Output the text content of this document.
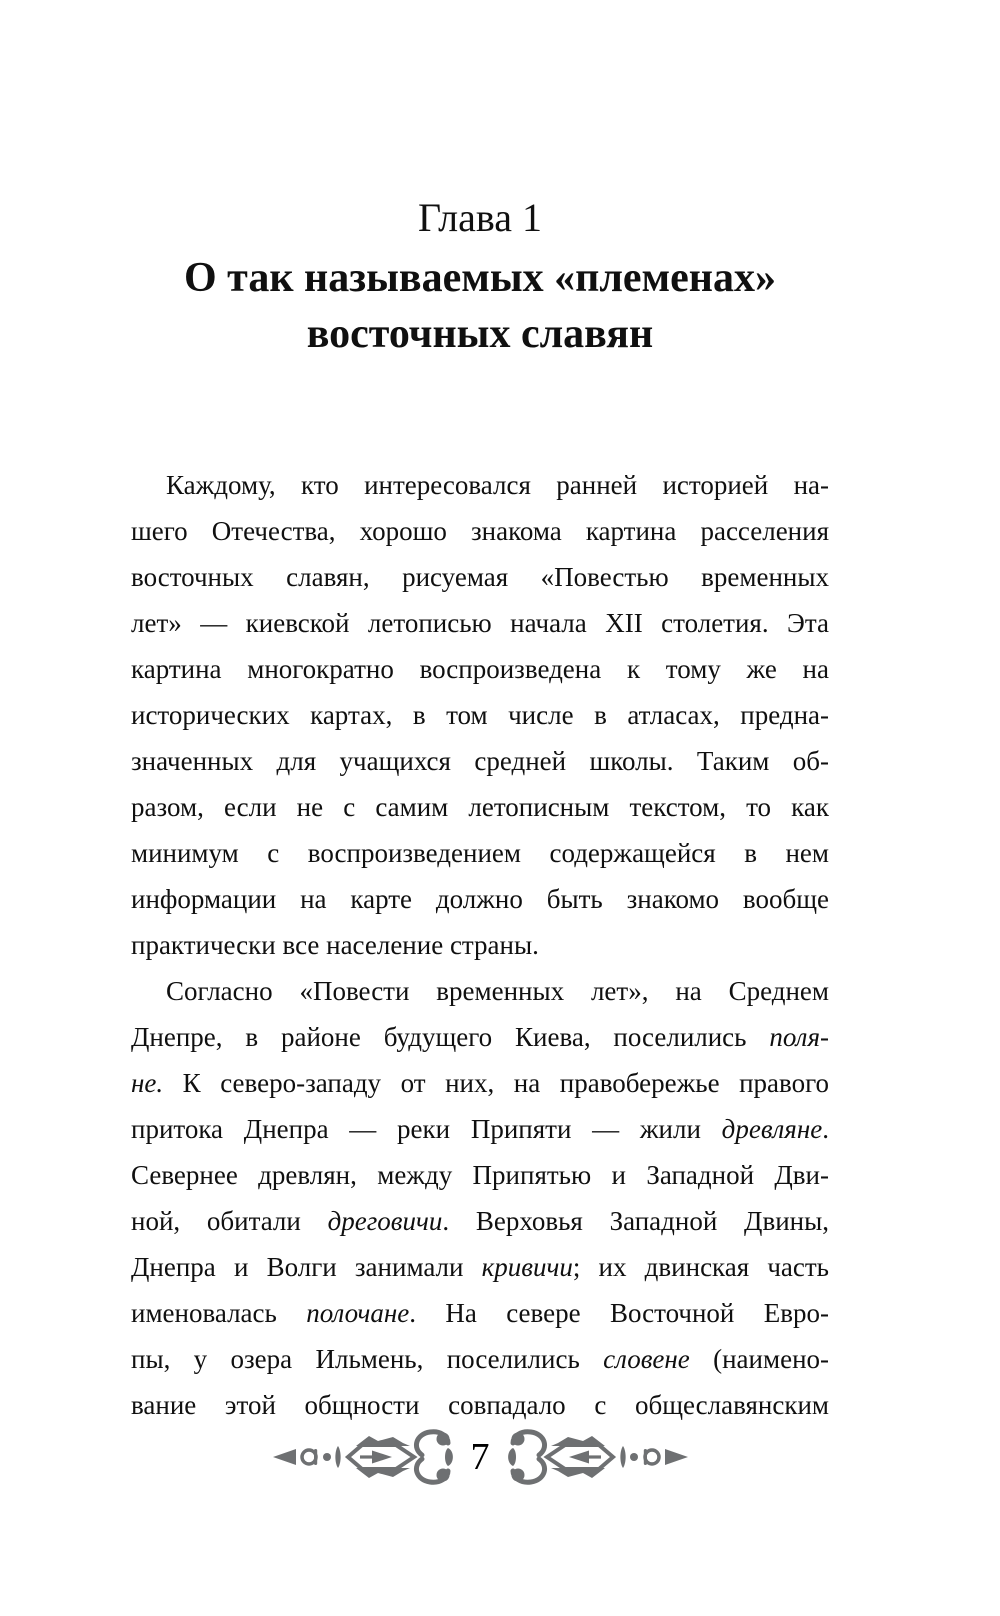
Глава 1
О так называемых «племенах»
восточных славян
Каждому, кто интересовался ранней историей на-
шего Отечества, хорошо знакома картина расселения
восточных славян, рисуемая «Повестью временных
лет» — киевской летописью начала XII столетия. Эта
картина многократно воспроизведена к тому же на
исторических картах, в том числе в атласах, предна-
значенных для учащихся средней школы. Таким об-
разом, если не с самим летописным текстом, то как
минимум с воспроизведением содержащейся в нем
информации на карте должно быть знакомо вообще
практически все население страны.
Согласно «Повести временных лет», на Среднем
Днепре, в районе будущего Киева, поселились поля-
не. К северо-западу от них, на правобережье правого
притока Днепра — реки Припяти — жили древляне.
Севернее древлян, между Припятью и Западной Дви-
ной, обитали дреговичи. Верховья Западной Двины,
Днепра и Волги занимали кривичи; их двинская часть
именовалась полочане. На севере Восточной Евро-
пы, у озера Ильмень, поселились словене (наимено-
вание этой общности совпадало с общеславянским
7
